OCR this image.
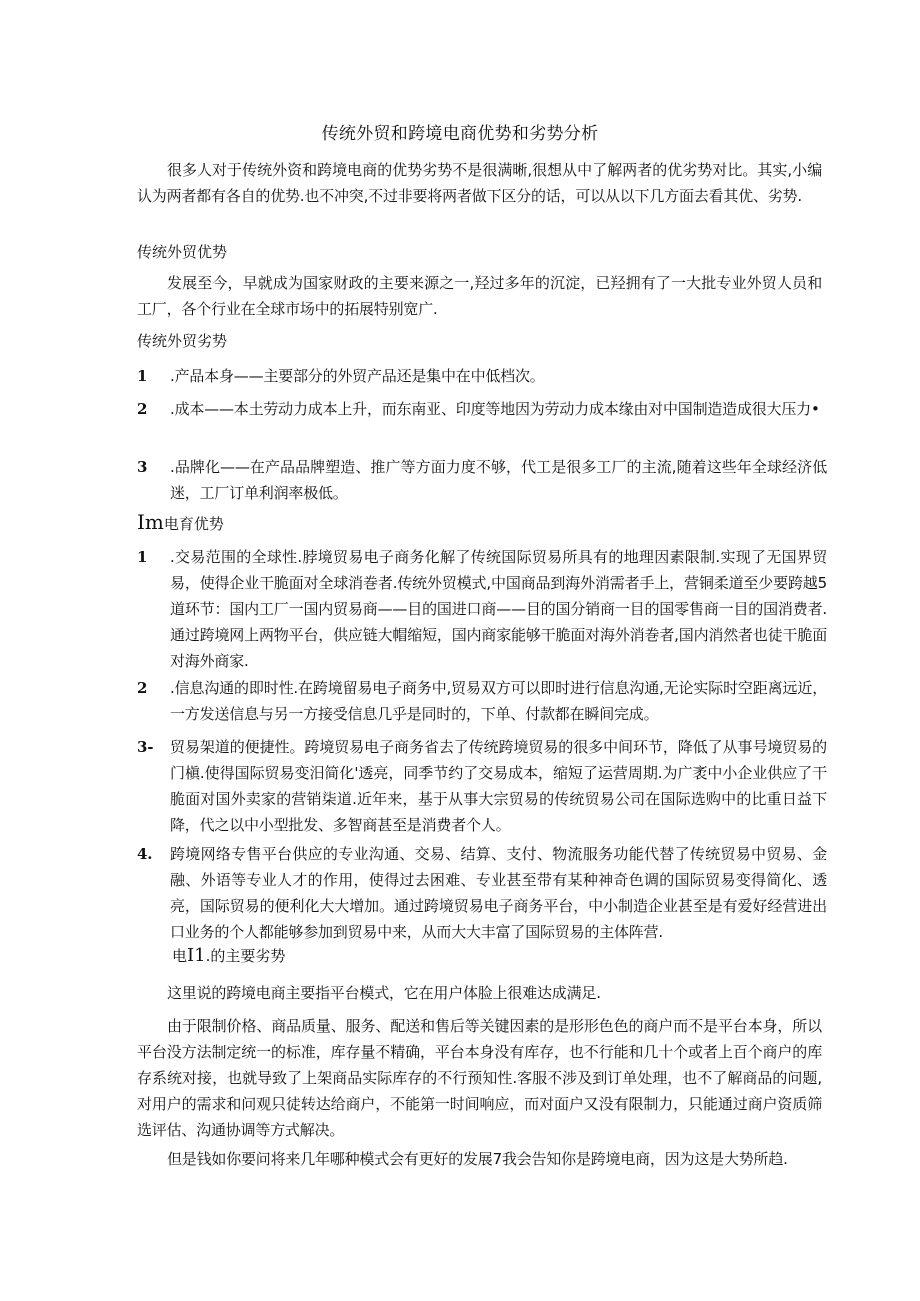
传统外贸和跨境电商优势和劣势分析
很多人对于传统外资和跨境电商的优势劣势不是很满晰,很想从中了解两者的优劣势对比。其实,小编认为两者都有各自的优势.也不冲突,不过非要将两者做下区分的话，可以从以下几方面去看其优、劣势.
传统外贸优势
发展至今，早就成为国家财政的主要来源之一,羟过多年的沉淀，已羟拥有了一大批专业外贸人员和工厂，各个行业在全球市场中的拓展特别宽广.
传统外贸劣势
1	.产品本身——主要部分的外贸产品还是集中在中低档次。
2	.成本——本土劳动力成本上升，而东南亚、印度等地因为劳动力成本缘由对中国制造造成很大压力•
3	.品牌化——在产品品牌塑造、推广等方面力度不够，代工是很多工厂的主流,随着这些年全球经济低迷，工厂订单利润率极低。
Im电育优势
1	.交易范围的全球性.脖境贸易电子商务化解了传统国际贸易所具有的地理因素限制.实现了无国界贸易，使得企业干脆面对全球消巻者.传统外贸模式,中国商品到海外消需者手上，营铜柔道至少要跨越5道环节：国内工厂一国内贸易商——目的国进口商——目的国分销商一目的国零售商一目的国消费者.通过跨境网上两物平台，供应链大帽缩短，国内商家能够干脆面对海外消巻者,国内消然者也徒干脆面对海外商家.
2	.信息沟通的即时性.在跨境留易电子商务中,贸易双方可以即时进行信息沟通,无论实际时空距离远近，一方发送信息与另一方接受信息几乎是同时的，下单、付款都在瞬间完成。
3-	贸易架道的便捷性。跨境贸易电子商务省去了传统跨境贸易的很多中间环节，降低了从事号境贸易的门槇.使得国际贸易变汨简化'透亮，同季节约了交易成本，缩短了运营周期.为广袤中小企业供应了干脆面对国外卖家的营销柒道.近年来，基于从事大宗贸易的传统贸易公司在国际选购中的比重日益下降，代之以中小型批发、多智商甚至是消费者个人。
4.	跨境网络专售平台供应的专业沟通、交易、结算、支付、物流服务功能代替了传统贸易中贸易、金融、外语等专业人才的作用，使得过去困难、专业甚至带有某种神奇色调的国际贸易变得简化、透亮，国际贸易的便利化大大增加。通过跨境贸易电子商务平台，中小制造企业甚至是有爱好经营进出口业务的个人都能够参加到贸易中来，从而大大丰富了国际贸易的主体阵营.
电I1.的主要劣势
这里说的跨境电商主要指平台模式，它在用户体脸上很难达成满足.
由于限制价格、商品质量、服务、配送和售后等关键因素的是形形色色的商户而不是平台本身，所以平台没方法制定统一的标准，库存量不精确，平台本身没有库存，也不行能和几十个或者上百个商户的库存系统对接，也就导致了上架商品实际库存的不行预知性.客服不涉及到订单处理，也不了解商品的问题,对用户的需求和问观只徒转达给商户，不能第一时间响应，而对面户又没有限制力，只能通过商户资质筛选评估、沟通协调等方式解决。
但是钱如你要问将来几年哪种模式会有更好的发展7我会告知你是跨境电商，因为这是大势所趋.
